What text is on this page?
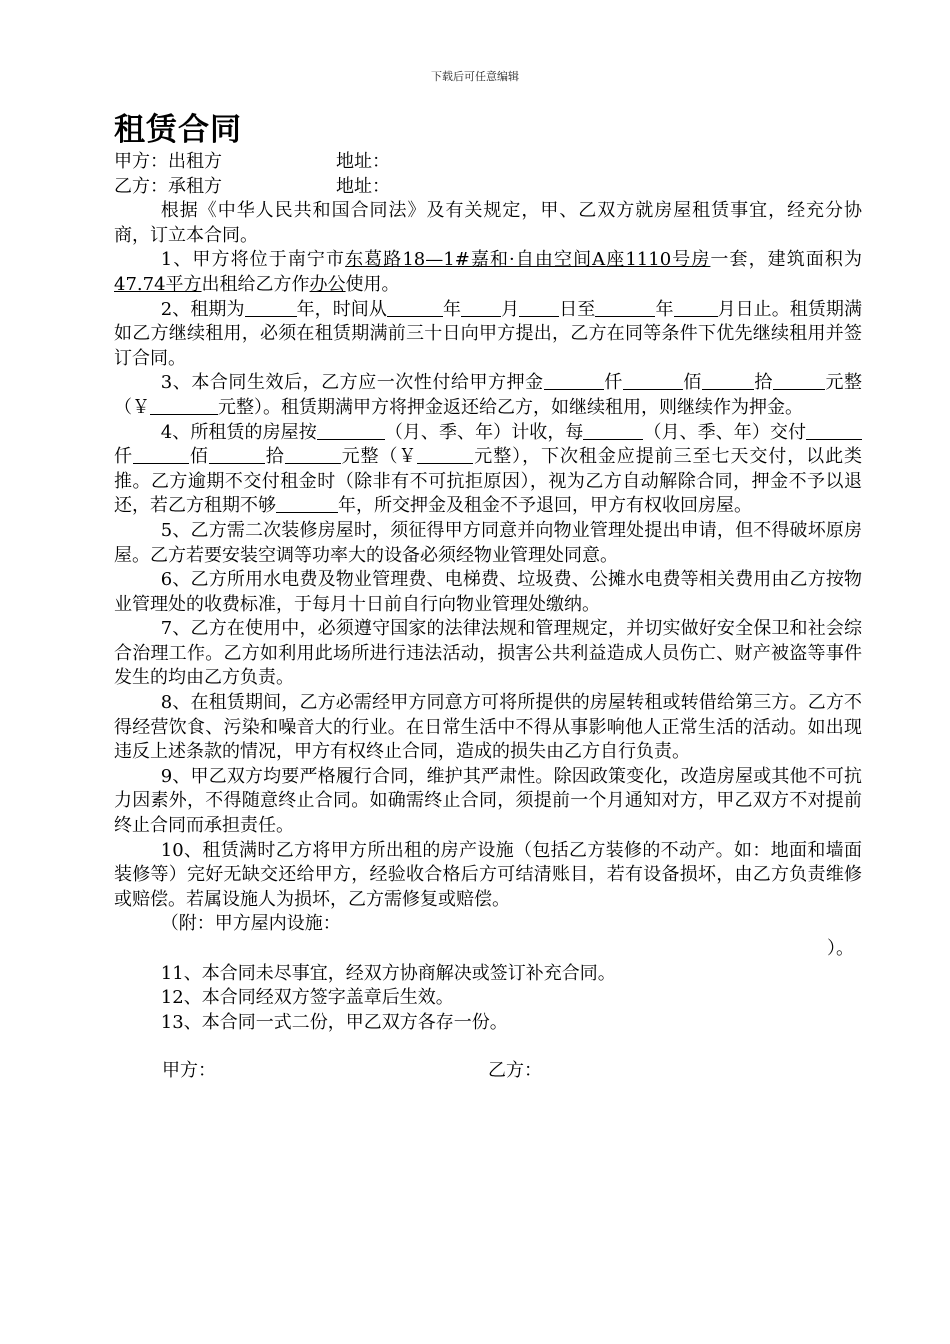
下载后可任意编辑
租赁合同
甲方：出租方	地址：
乙方：承租方	地址：

根据《中华人民共和国合同法》及有关规定，甲、乙双方就房屋租赁事宜，经充分协商，订立本合同。

1、甲方将位于南宁市东葛路18—1#嘉和·自由空间A座1110号房一套，建筑面积为47.74平方出租给乙方作办公使用。

2、租期为	年，时间从	年 月 日至	年 月日止。租赁期满如乙方继续租用，必须在租赁期满前三十日向甲方提出，乙方在同等条件下优先继续租用并签订合同。

3、本合同生效后，乙方应一次性付给甲方押金	仟	佰	拾	元整（￥	元整）。租赁期满甲方将押金返还给乙方，如继续租用，则继续作为押金。

4、所租赁的房屋按	（月、季、年）计收，每	（月、季、年）交付仟	佰	拾	元整（￥	元整），下次租金应提前三至七天交付，以此类推。乙方逾期不交付租金时（除非有不可抗拒原因），视为乙方自动解除合同，押金不予以退还，若乙方租期不够	年，所交押金及租金不予退回，甲方有权收回房屋。

5、乙方需二次装修房屋时，须征得甲方同意并向物业管理处提出申请，但不得破坏原房屋。乙方若要安装空调等功率大的设备必须经物业管理处同意。

6、乙方所用水电费及物业管理费、电梯费、垃圾费、公摊水电费等相关费用由乙方按物业管理处的收费标准，于每月十日前自行向物业管理处缴纳。

7、乙方在使用中，必须遵守国家的法律法规和管理规定，并切实做好安全保卫和社会综合治理工作。乙方如利用此场所进行违法活动，损害公共利益造成人员伤亡、财产被盗等事件发生的均由乙方负责。

8、在租赁期间，乙方必需经甲方同意方可将所提供的房屋转租或转借给第三方。乙方不得经营饮食、污染和噪音大的行业。在日常生活中不得从事影响他人正常生活的活动。如出现违反上述条款的情况，甲方有权终止合同，造成的损失由乙方自行负责。

9、甲乙双方均要严格履行合同，维护其严肃性。除因政策变化，改造房屋或其他不可抗力因素外，不得随意终止合同。如确需终止合同，须提前一个月通知对方，甲乙双方不对提前终止合同而承担责任。

10、租赁满时乙方将甲方所出租的房产设施（包括乙方装修的不动产。如：地面和墙面装修等）完好无缺交还给甲方，经验收合格后方可结清账目，若有设备损坏，由乙方负责维修或赔偿。若属设施人为损坏，乙方需修复或赔偿。

（附：甲方屋内设施：

）。

11、本合同未尽事宜，经双方协商解决或签订补充合同。

12、本合同经双方签字盖章后生效。

13、本合同一式二份，甲乙双方各存一份。

甲方：	乙方：
